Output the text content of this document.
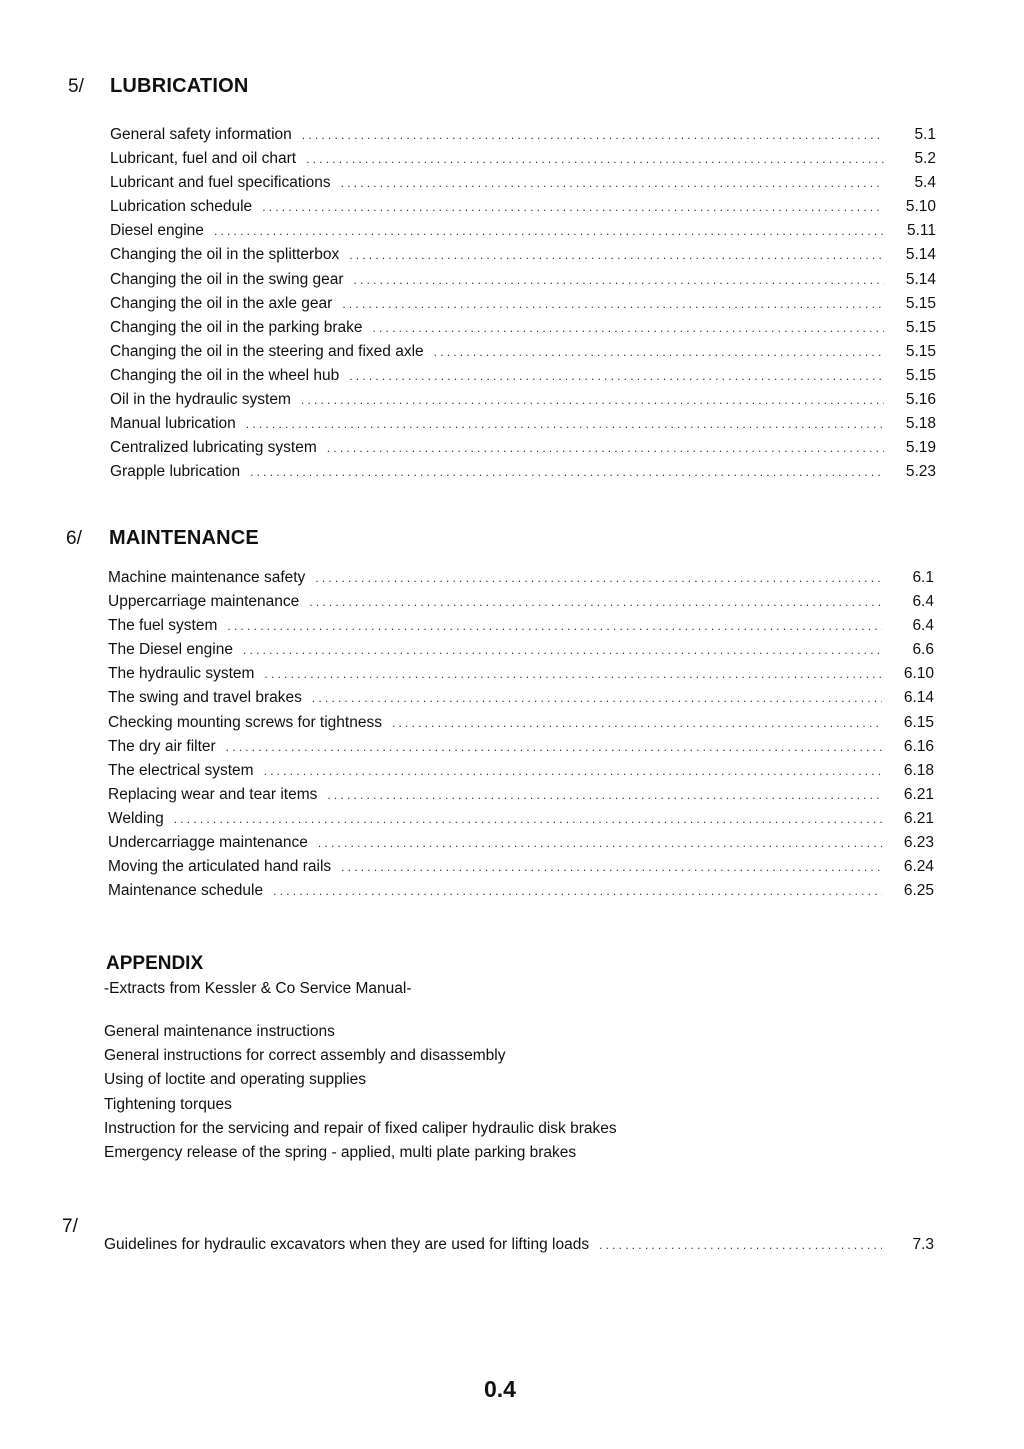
5/ LUBRICATION
General safety information .....	5.1
Lubricant, fuel and oil chart .....	5.2
Lubricant and fuel specifications .....	5.4
Lubrication schedule .....	5.10
Diesel engine .....	5.11
Changing the oil in the splitterbox .....	5.14
Changing the oil in the swing gear .....	5.14
Changing the oil in the axle gear .....	5.15
Changing the oil in the parking brake .....	5.15
Changing the oil in the steering and fixed axle .....	5.15
Changing the oil in the wheel hub .....	5.15
Oil in the hydraulic system .....	5.16
Manual lubrication .....	5.18
Centralized lubricating system .....	5.19
Grapple lubrication .....	5.23
6/ MAINTENANCE
Machine maintenance safety .....	6.1
Uppercarriage maintenance .....	6.4
The fuel system .....	6.4
The Diesel engine .....	6.6
The hydraulic system .....	6.10
The swing and travel brakes .....	6.14
Checking mounting screws for tightness .....	6.15
The dry air filter .....	6.16
The electrical system .....	6.18
Replacing wear and tear items .....	6.21
Welding .....	6.21
Undercarriagge maintenance .....	6.23
Moving the articulated hand rails .....	6.24
Maintenance schedule .....	6.25
APPENDIX
-Extracts from Kessler & Co Service Manual-
General maintenance instructions
General instructions for correct assembly and disassembly
Using of loctite and operating supplies
Tightening torques
Instruction for the servicing and repair of fixed caliper hydraulic disk brakes
Emergency release of the spring - applied, multi plate parking brakes
7/
Guidelines for hydraulic excavators when they are used for lifting loads .....	7.3
0.4
